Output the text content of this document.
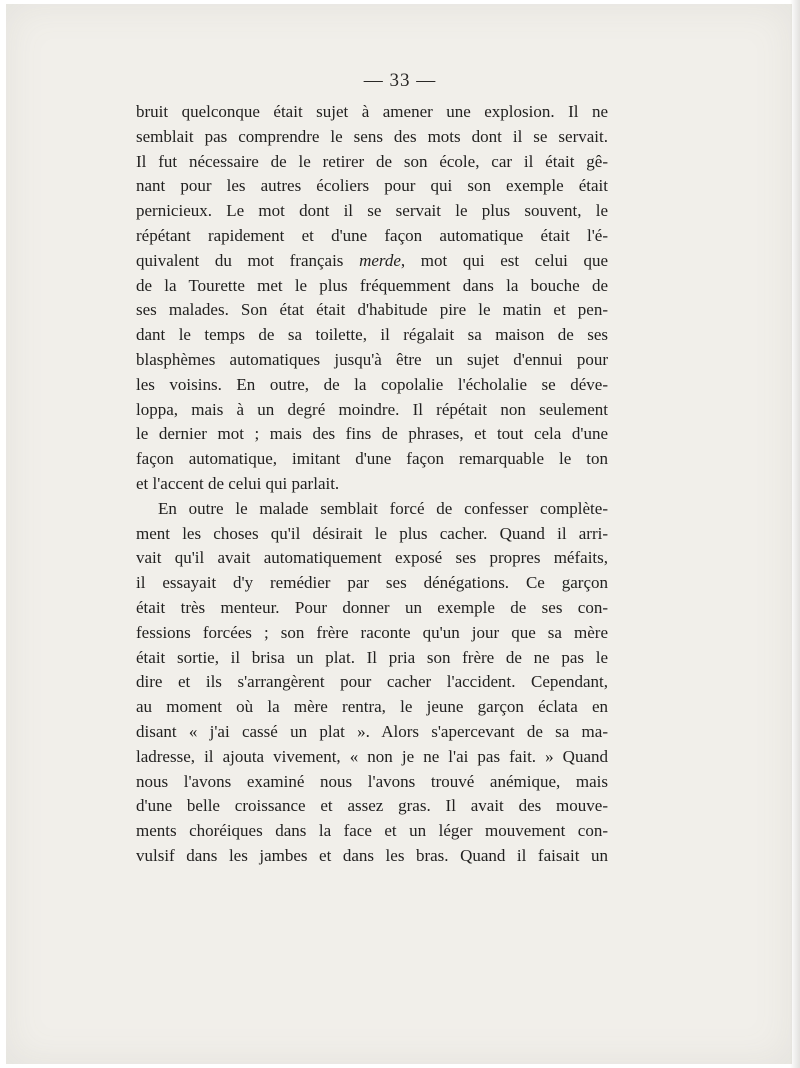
— 33 —
bruit quelconque était sujet à amener une explosion. Il ne
semblait pas comprendre le sens des mots dont il se servait.
Il fut nécessaire de le retirer de son école, car il était gê-
nant pour les autres écoliers pour qui son exemple était
pernicieux. Le mot dont il se servait le plus souvent, le
répétant rapidement et d'une façon automatique était l'é-
quivalent du mot français merde, mot qui est celui que
de la Tourette met le plus fréquemment dans la bouche de
ses malades. Son état était d'habitude pire le matin et pen-
dant le temps de sa toilette, il régalait sa maison de ses
blasphèmes automatiques jusqu'à être un sujet d'ennui pour
les voisins. En outre, de la copolalie l'écholalie se déve-
loppa, mais à un degré moindre. Il répétait non seulement
le dernier mot ; mais des fins de phrases, et tout cela d'une
façon automatique, imitant d'une façon remarquable le ton
et l'accent de celui qui parlait.
En outre le malade semblait forcé de confesser complète-
ment les choses qu'il désirait le plus cacher. Quand il arri-
vait qu'il avait automatiquement exposé ses propres méfaits,
il essayait d'y remédier par ses dénégations. Ce garçon
était très menteur. Pour donner un exemple de ses con-
fessions forcées ; son frère raconte qu'un jour que sa mère
était sortie, il brisa un plat. Il pria son frère de ne pas le
dire et ils s'arrangèrent pour cacher l'accident. Cependant,
au moment où la mère rentra, le jeune garçon éclata en
disant « j'ai cassé un plat ». Alors s'apercevant de sa ma-
ladresse, il ajouta vivement, « non je ne l'ai pas fait. » Quand
nous l'avons examiné nous l'avons trouvé anémique, mais
d'une belle croissance et assez gras. Il avait des mouve-
ments choréiques dans la face et un léger mouvement con-
vulsif dans les jambes et dans les bras. Quand il faisait un
